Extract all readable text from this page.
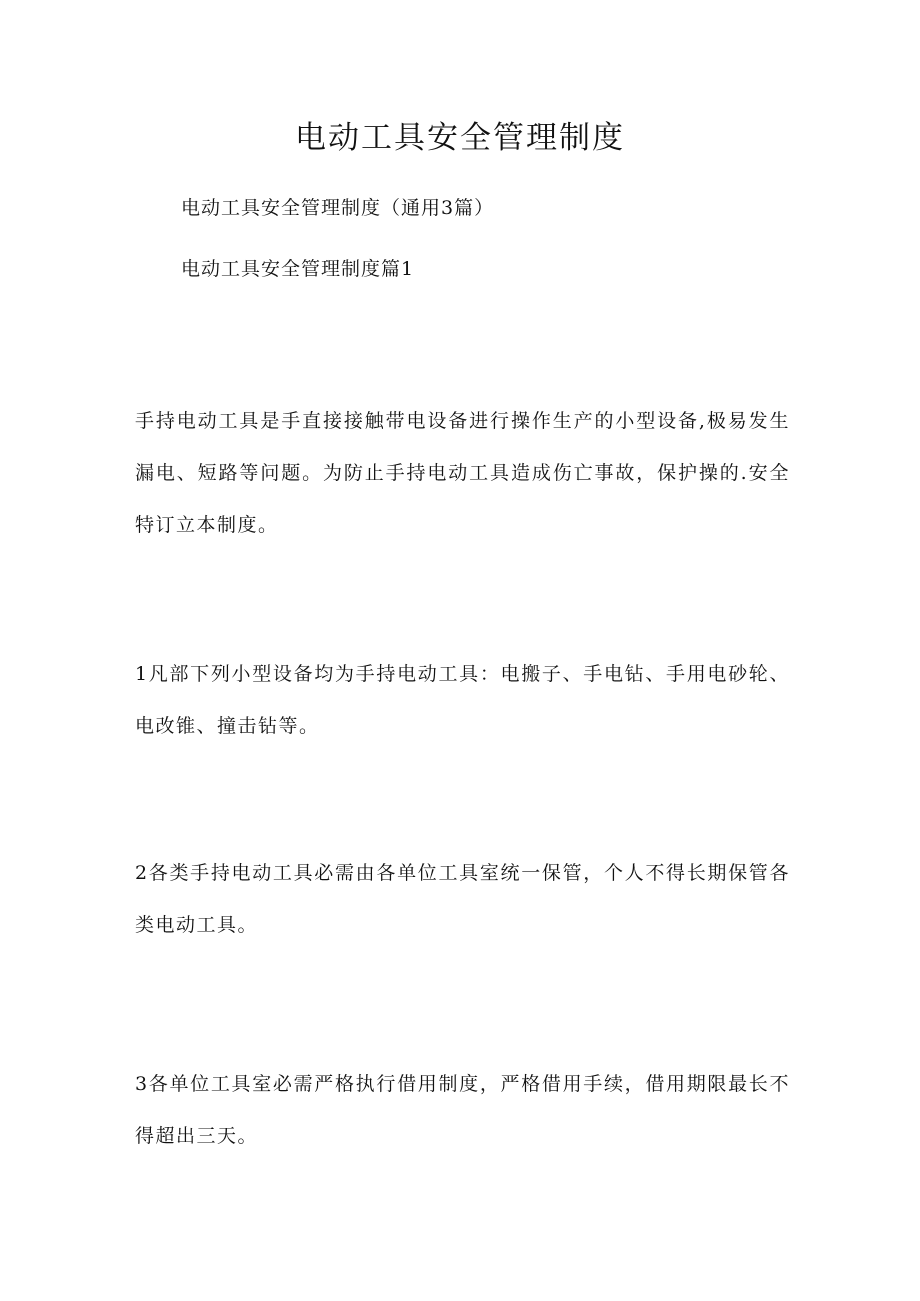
电动工具安全管理制度

电动工具安全管理制度（通用3篇）

电动工具安全管理制度篇1

手持电动工具是手直接接触带电设备进行操作生产的小型设备,极易发生漏电、短路等问题。为防止手持电动工具造成伤亡事故，保护操的.安全特订立本制度。

1凡部下列小型设备均为手持电动工具：电搬子、手电钻、手用电砂轮、电改锥、撞击钻等。

2各类手持电动工具必需由各单位工具室统一保管，个人不得长期保管各类电动工具。

3各单位工具室必需严格执行借用制度，严格借用手续，借用期限最长不得超出三天。
